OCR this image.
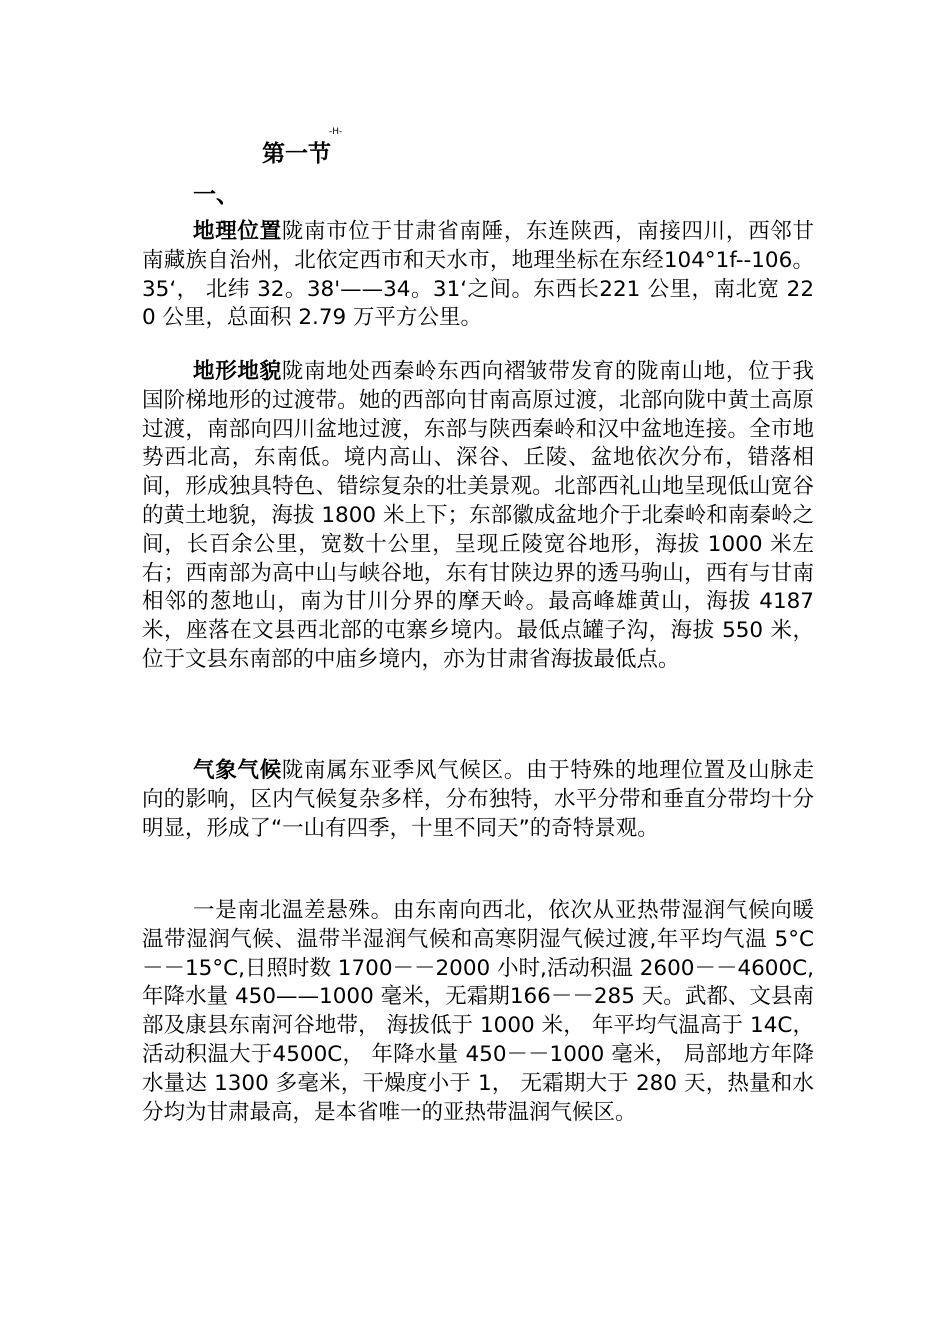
-H-
第一节
一、

地理位置陇南市位于甘肃省南陲，东连陕西，南接四川，西邻甘南藏族自治州，北依定西市和天水市，地理坐标在东经104°1f--106。35‘， 北纬 32。38'——34。31‘之间。东西长221 公里，南北宽 220 公里，总面积 2.79 万平方公里。

地形地貌陇南地处西秦岭东西向褶皱带发育的陇南山地，位于我国阶梯地形的过渡带。她的西部向甘南高原过渡，北部向陇中黄土高原过渡，南部向四川盆地过渡，东部与陕西秦岭和汉中盆地连接。全市地势西北高，东南低。境内高山、深谷、丘陵、盆地依次分布，错落相间，形成独具特色、错综复杂的壮美景观。北部西礼山地呈现低山宽谷的黄土地貌，海拔 1800 米上下；东部徽成盆地介于北秦岭和南秦岭之间，长百余公里，宽数十公里，呈现丘陵宽谷地形，海拔 1000 米左右；西南部为高中山与峡谷地，东有甘陕边界的透马驹山，西有与甘南相邻的葱地山，南为甘川分界的摩天岭。最高峰雄黄山，海拔 4187 米，座落在文县西北部的屯寨乡境内。最低点罐子沟，海拔 550 米，位于文县东南部的中庙乡境内，亦为甘肃省海拔最低点。

气象气候陇南属东亚季风气候区。由于特殊的地理位置及山脉走向的影响，区内气候复杂多样，分布独特，水平分带和垂直分带均十分明显，形成了“一山有四季，十里不同天”的奇特景观。

一是南北温差悬殊。由东南向西北，依次从亚热带湿润气候向暖温带湿润气候、温带半湿润气候和高寒阴湿气候过渡,年平均气温 5°C－－15°C,日照时数 1700－－2000 小时,活动积温 2600－－4600C,年降水量 450——1000 毫米，无霜期166－－285 天。武都、文县南部及康县东南河谷地带， 海拔低于 1000 米， 年平均气温高于 14C， 活动积温大于4500C， 年降水量 450－－1000 毫米， 局部地方年降水量达 1300 多毫米，干燥度小于 1， 无霜期大于 280 天，热量和水分均为甘肃最高，是本省唯一的亚热带温润气候区。
